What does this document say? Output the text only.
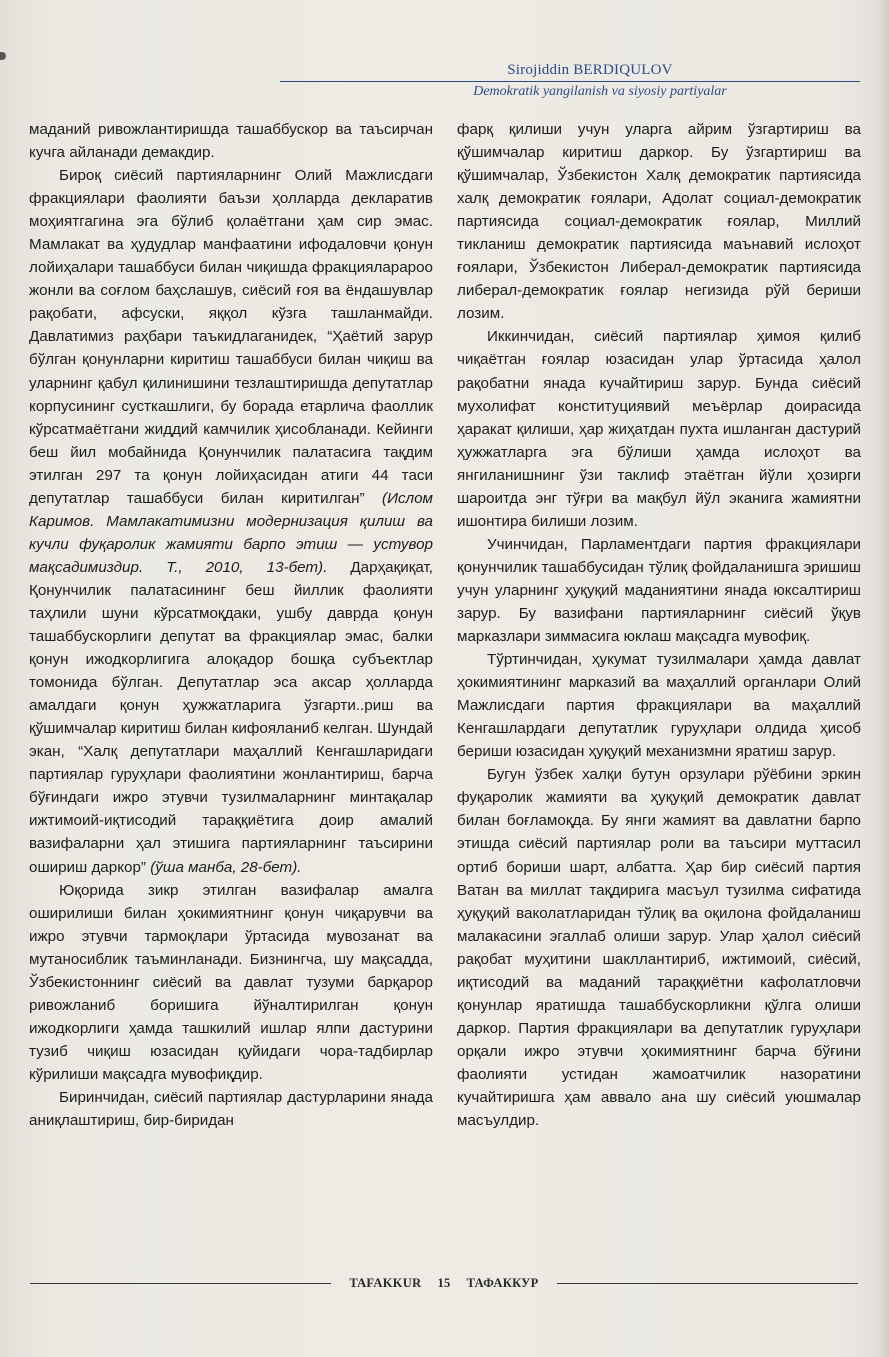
Sirojiddin BERDIQULOV
Demokratik yangilanish va siyosiy partiyalar

маданий ривожлантиришда ташаббускор ва таъсирчан кучга айланади демакдир.

Бироқ сиёсий партияларнинг Олий Мажлисдаги фракциялари фаолияти баъзи ҳолларда декларатив моҳиятгагина эга бўлиб қолаётгани ҳам сир эмас. Мамлакат ва ҳудудлар манфаатини ифодаловчи қонун лойиҳалари ташаббуси билан чиқишда фракцияларароо жонли ва соғлом баҳслашув, сиёсий ғоя ва ёндашувлар рақобати, афсуски, яққол кўзга ташланмайди. Давлатимиз раҳбари таъкидлаганидек, “Ҳаётий зарур бўлган қонунларни киритиш ташаббуси билан чиқиш ва уларнинг қабул қилинишини тезлаштиришда депутатлар корпусининг сусткашлиги, бу борада етарлича фаоллик кўрсатмаётгани жиддий камчилик ҳисобланади. Кейинги беш йил мобайнида Қонунчилик палатасига тақдим этилган 297 та қонун лойиҳасидан атиги 44 таси депутатлар ташаббуси билан киритилган” (Ислом Каримов. Мамлакатимизни модернизация қилиш ва кучли фуқаролик жамияти барпо этиш — устувор мақсадимиздир. Т., 2010, 13-бет). Дарҳақиқат, Қонунчилик палатасининг беш йиллик фаолияти таҳлили шуни кўрсатмоқдаки, ушбу даврда қонун ташаббускорлиги депутат ва фракциялар эмас, балки қонун ижодкорлигига алоқадор бошқа субъектлар томонида бўлган. Депутатлар эса аксар ҳолларда амалдаги қонун ҳужжатларига ўзгарти..риш ва қўшимчалар киритиш билан кифояланиб келган. Шундай экан, “Халқ депутатлари маҳаллий Кенгашларидаги партиялар гуруҳлари фаолиятини жонлантириш, барча бўғиндаги ижро этувчи тузилмаларнинг минтақалар ижтимоий-иқтисодий тараққиётига доир амалий вазифаларни ҳал этишига партияларнинг таъсирини ошириш даркор” (ўша манба, 28-бет).

Юқорида зикр этилган вазифалар амалга оширилиши билан ҳокимиятнинг қонун чиқарувчи ва ижро этувчи тармоқлари ўртасида мувозанат ва мутаносиблик таъминланади. Бизнингча, шу мақсадда, Ўзбекистоннинг сиёсий ва давлат тузуми барқарор ривожланиб боришига йўналтирилган қонун ижодкорлиги ҳамда ташкилий ишлар ялпи дастурини тузиб чиқиш юзасидан қуйидаги чора-тадбирлар кўрилиши мақсадга мувофиқдир.

Биринчидан, сиёсий партиялар дастурларини янада аниқлаштириш, бир-биридан

фарқ қилиши учун уларга айрим ўзгартириш ва қўшимчалар киритиш даркор. Бу ўзгартириш ва қўшимчалар, Ўзбекистон Халқ демократик партиясида халқ демократик ғоялари, Адолат социал-демократик партиясида социал-демократик ғоялар, Миллий тикланиш демократик партиясида маънавий ислоҳот ғоялари, Ўзбекистон Либерал-демократик партиясида либерал-демократик ғоялар негизида рўй бериши лозим.

Иккинчидан, сиёсий партиялар ҳимоя қилиб чиқаётган ғоялар юзасидан улар ўртасида ҳалол рақобатни янада кучайтириш зарур. Бунда сиёсий мухолифат конституциявий меъёрлар доирасида ҳаракат қилиши, ҳар жиҳатдан пухта ишланган дастурий ҳужжатларга эга бўлиши ҳамда ислоҳот ва янгиланишнинг ўзи таклиф этаётган йўли ҳозирги шароитда энг тўғри ва мақбул йўл эканига жамиятни ишонтира билиши лозим.

Учинчидан, Парламентдаги партия фракциялари қонунчилик ташаббусидан тўлиқ фойдаланишга эришиш учун уларнинг ҳуқуқий маданиятини янада юксалтириш зарур. Бу вазифани партияларнинг сиёсий ўқув марказлари зиммасига юклаш мақсадга мувофиқ.

Тўртинчидан, ҳукумат тузилмалари ҳамда давлат ҳокимиятининг марказий ва маҳаллий органлари Олий Мажлисдаги партия фракциялари ва маҳаллий Кенгашлардаги депутатлик гуруҳлари олдида ҳисоб бериши юзасидан ҳуқуқий механизмни яратиш зарур.

Бугун ўзбек халқи бутун орзулари рўёбини эркин фуқаролик жамияти ва ҳуқуқий демократик давлат билан боғламоқда. Бу янги жамият ва давлатни барпо этишда сиёсий партиялар роли ва таъсири муттасил ортиб бориши шарт, албатта. Ҳар бир сиёсий партия Ватан ва миллат тақдирига масъул тузилма сифатида ҳуқуқий ваколатларидан тўлиқ ва оқилона фойдаланиш малакасини эгаллаб олиши зарур. Улар ҳалол сиёсий рақобат муҳитини шакллантириб, ижтимоий, сиёсий, иқтисодий ва маданий тараққиётни кафолатловчи қонунлар яратишда ташаббускорликни қўлга олиши даркор. Партия фракциялари ва депутатлик гуруҳлари орқали ижро этувчи ҳокимиятнинг барча бўғини фаолияти устидан жамоатчилик назоратини кучайтиришга ҳам аввало ана шу сиёсий уюшмалар масъулдир.

TAFAKKUR 15 ТАФАККУР
